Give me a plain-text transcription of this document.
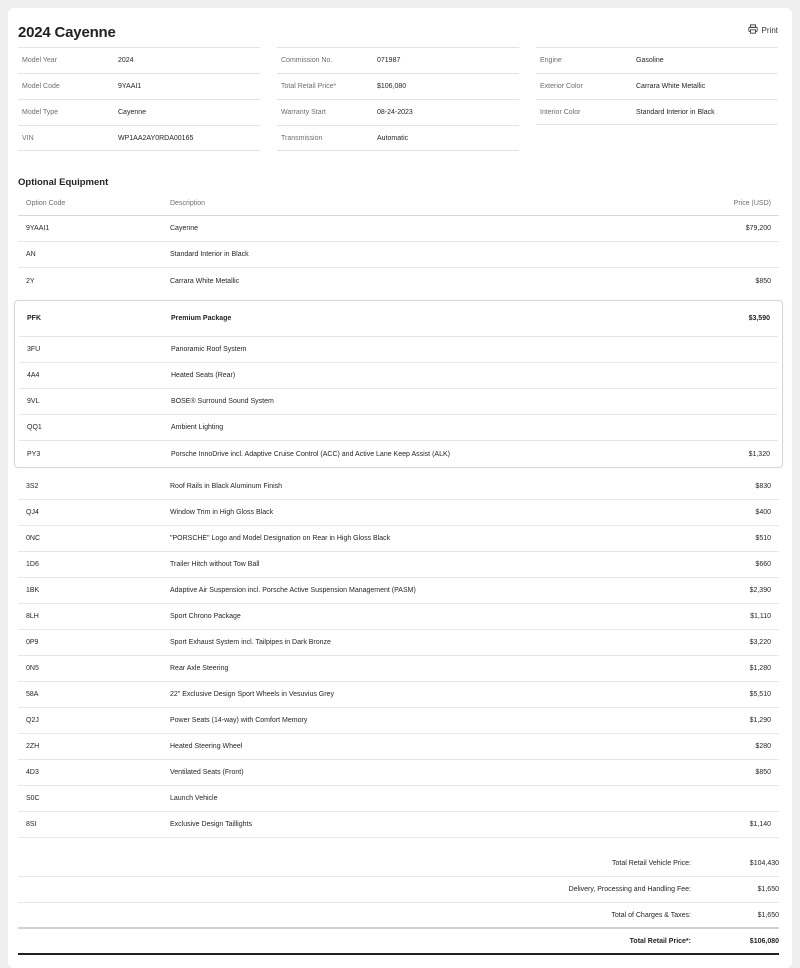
2024 Cayenne	Print
Model Year	2024
Model Code	9YAAI1
Model Type	Cayenne
VIN	WP1AA2AY0RDA00165
Commission No.	071987
Total Retail Price*	$106,080
Warranty Start	08-24-2023
Transmission	Automatic
Engine	Gasoline
Exterior Color	Carrara White Metallic
Interior Color	Standard Interior in Black
Optional Equipment
Option Code	Description	Price (USD)
9YAAI1	Cayenne	$79,200
AN	Standard Interior in Black
2Y	Carrara White Metallic	$850
PFK	Premium Package	$3,590
3FU	Panoramic Roof System
4A4	Heated Seats (Rear)
9VL	BOSE® Surround Sound System
QQ1	Ambient Lighting
PY3	Porsche InnoDrive incl. Adaptive Cruise Control (ACC) and Active Lane Keep Assist (ALK)	$1,320
3S2	Roof Rails in Black Aluminum Finish	$830
QJ4	Window Trim in High Gloss Black	$400
0NC	"PORSCHE" Logo and Model Designation on Rear in High Gloss Black	$510
1D6	Trailer Hitch without Tow Ball	$660
1BK	Adaptive Air Suspension incl. Porsche Active Suspension Management (PASM)	$2,390
8LH	Sport Chrono Package	$1,110
0P9	Sport Exhaust System incl. Tailpipes in Dark Bronze	$3,220
0N5	Rear Axle Steering	$1,280
58A	22" Exclusive Design Sport Wheels in Vesuvius Grey	$5,510
Q2J	Power Seats (14-way) with Comfort Memory	$1,290
2ZH	Heated Steering Wheel	$280
4D3	Ventilated Seats (Front)	$850
S0C	Launch Vehicle
8SI	Exclusive Design Taillights	$1,140
Total Retail Vehicle Price:	$104,430
Delivery, Processing and Handling Fee:	$1,650
Total of Charges & Taxes:	$1,650
Total Retail Price*:	$106,080
